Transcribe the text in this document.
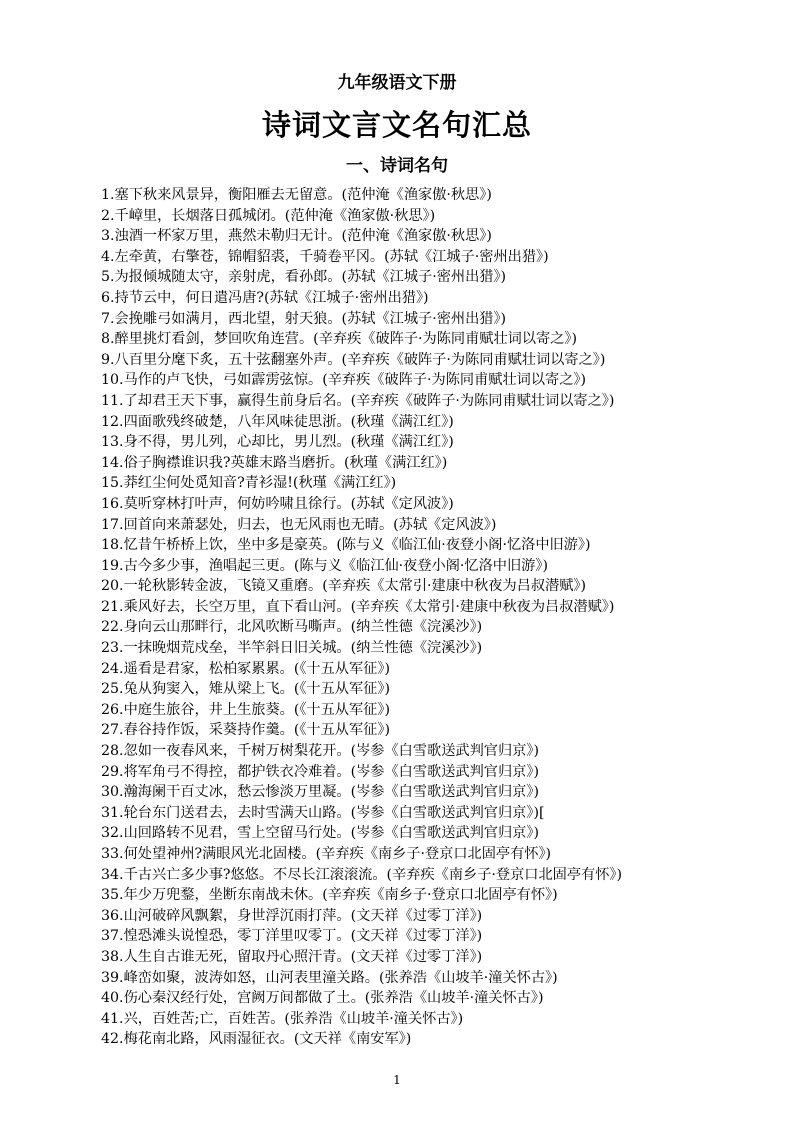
九年级语文下册
诗词文言文名句汇总
一、诗词名句
1.塞下秋来风景异，衡阳雁去无留意。(范仲淹《渔家傲·秋思》)
2.千嶂里，长烟落日孤城闭。(范仲淹《渔家傲·秋思》)
3.浊酒一杯家万里，燕然未勒归无计。(范仲淹《渔家傲·秋思》)
4.左牵黄，右擎苍，锦帽貂裘，千骑卷平冈。(苏轼《江城子·密州出猎》)
5.为报倾城随太守，亲射虎，看孙郎。(苏轼《江城子·密州出猎》)
6.持节云中，何日遣冯唐?(苏轼《江城子·密州出猎》)
7.会挽雕弓如满月，西北望，射天狼。(苏轼《江城子·密州出猎》)
8.醉里挑灯看剑，梦回吹角连营。(辛弃疾《破阵子·为陈同甫赋壮词以寄之》)
9.八百里分麾下炙，五十弦翻塞外声。(辛弃疾《破阵子·为陈同甫赋壮词以寄之》)
10.马作的卢飞快，弓如霹雳弦惊。(辛弃疾《破阵子·为陈同甫赋壮词以寄之》)
11.了却君王天下事，赢得生前身后名。(辛弃疾《破阵子·为陈同甫赋壮词以寄之》)
12.四面歌残终破楚，八年风味徒思浙。(秋瑾《满江红》)
13.身不得，男儿列，心却比，男儿烈。(秋瑾《满江红》)
14.俗子胸襟谁识我?英雄末路当磨折。(秋瑾《满江红》)
15.莽红尘何处觅知音?青衫湿!(秋瑾《满江红》)
16.莫听穿林打叶声，何妨吟啸且徐行。(苏轼《定风波》)
17.回首向来萧瑟处，归去，也无风雨也无晴。(苏轼《定风波》)
18.忆昔午桥桥上饮，坐中多是豪英。(陈与义《临江仙·夜登小阁·忆洛中旧游》)
19.古今多少事，渔唱起三更。(陈与义《临江仙·夜登小阁·忆洛中旧游》)
20.一轮秋影转金波，飞镜又重磨。(辛弃疾《太常引·建康中秋夜为吕叔潜赋》)
21.乘风好去，长空万里，直下看山河。(辛弃疾《太常引·建康中秋夜为吕叔潜赋》)
22.身向云山那畔行，北风吹断马嘶声。(纳兰性德《浣溪沙》)
23.一抹晚烟荒戍垒，半竿斜日旧关城。(纳兰性德《浣溪沙》)
24.遥看是君家，松柏冢累累。(《十五从军征》)
25.兔从狗窦入，雉从梁上飞。(《十五从军征》)
26.中庭生旅谷，井上生旅葵。(《十五从军征》)
27.舂谷持作饭，采葵持作羹。(《十五从军征》)
28.忽如一夜春风来，千树万树梨花开。(岑参《白雪歌送武判官归京》)
29.将军角弓不得控，都护铁衣冷难着。(岑参《白雪歌送武判官归京》)
30.瀚海阑干百丈冰，愁云惨淡万里凝。(岑参《白雪歌送武判官归京》)
31.轮台东门送君去，去时雪满天山路。(岑参《白雪歌送武判官归京》)[
32.山回路转不见君，雪上空留马行处。(岑参《白雪歌送武判官归京》)
33.何处望神州?满眼风光北固楼。(辛弃疾《南乡子·登京口北固亭有怀》)
34.千古兴亡多少事?悠悠。不尽长江滚滚流。(辛弃疾《南乡子·登京口北固亭有怀》)
35.年少万兜鍪，坐断东南战未休。(辛弃疾《南乡子·登京口北固亭有怀》)
36.山河破碎风飘絮，身世浮沉雨打萍。(文天祥《过零丁洋》)
37.惶恐滩头说惶恐，零丁洋里叹零丁。(文天祥《过零丁洋》)
38.人生自古谁无死，留取丹心照汗青。(文天祥《过零丁洋》)
39.峰峦如聚，波涛如怒，山河表里潼关路。(张养浩《山坡羊·潼关怀古》)
40.伤心秦汉经行处，宫阙万间都做了土。(张养浩《山坡羊·潼关怀古》)
41.兴，百姓苦;亡，百姓苦。(张养浩《山坡羊·潼关怀古》)
42.梅花南北路，风雨湿征衣。(文天祥《南安军》)
1
